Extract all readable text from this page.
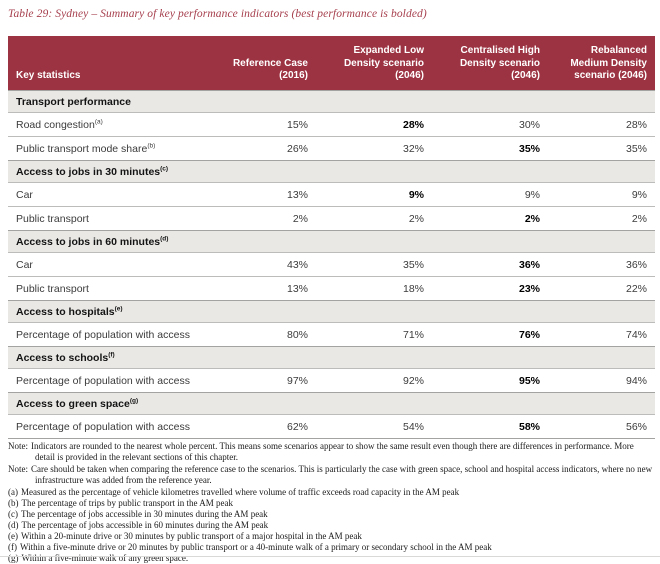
Table 29: Sydney – Summary of key performance indicators (best performance is bolded)
Key statistics	Reference Case (2016)	Expanded Low Density scenario (2046)	Centralised High Density scenario (2046)	Rebalanced Medium Density scenario (2046)
Transport performance				
Road congestion$^{(a)}$	15%	28%	30%	28%
Public transport mode share$^{(b)}$	26%	32%	35%	35%
Access to jobs in 30 minutes$^{(c)}$
Car	13%	9%	9%	9%
Public transport	2%	2%	2%	2%
Access to jobs in 60 minutes$^{(d)}$
Car	43%	35%	36%	36%
Public transport	13%	18%	23%	22%
Access to hospitals$^{(e)}$
Percentage of population with access	80%	71%	76%	74%
Access to schools$^{(f)}$
Percentage of population with access	97%	92%	95%	94%
Access to green space$^{(g)}$
Percentage of population with access	62%	54%	58%	56%
Note: Indicators are rounded to the nearest whole percent. This means some scenarios appear to show the same result even though there are differences in performance. More detail is provided in the relevant sections of this chapter.
Note: Care should be taken when comparing the reference case to the scenarios. This is particularly the case with green space, school and hospital access indicators, where no new infrastructure was added from the reference year.
(a) Measured as the percentage of vehicle kilometres travelled where volume of traffic exceeds road capacity in the AM peak
(b) The percentage of trips by public transport in the AM peak
(c) The percentage of jobs accessible in 30 minutes during the AM peak
(d) The percentage of jobs accessible in 60 minutes during the AM peak
(e) Within a 20-minute drive or 30 minutes by public transport of a major hospital in the AM peak
(f) Within a five-minute drive or 20 minutes by public transport or a 40-minute walk of a primary or secondary school in the AM peak
(g) Within a five-minute walk of any green space.
